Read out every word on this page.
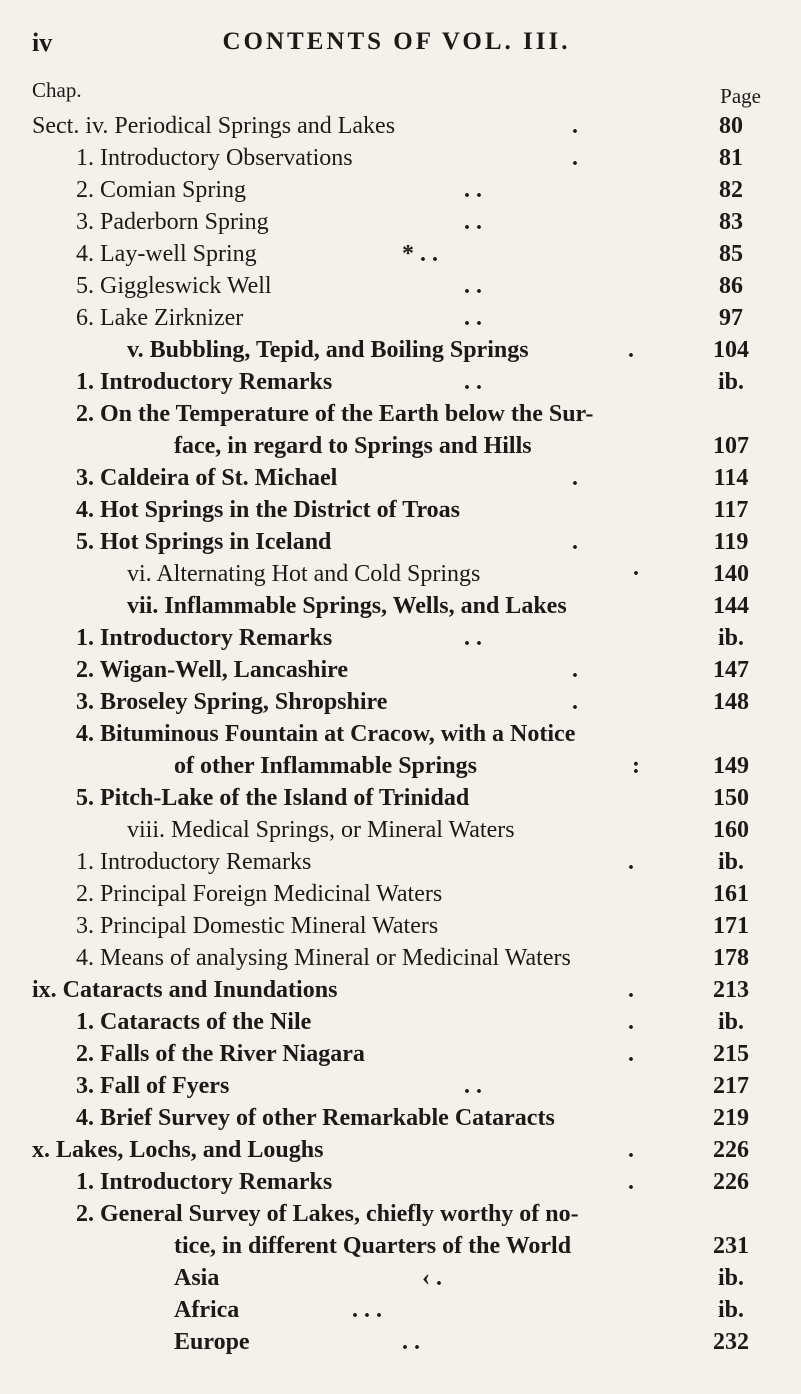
iv	CONTENTS OF VOL. III.
Chap.	Page
Sect. iv. Periodical Springs and Lakes	.	80
1. Introductory Observations	.	81
2. Comian Spring	. .	82
3. Paderborn Spring	. .	83
4. Lay-well Spring	* . .	85
5. Giggleswick Well	. .	86
6. Lake Zirknizer	. .	97
v. Bubbling, Tepid, and Boiling Springs	.	104
1. Introductory Remarks	. .	ib.
2. On the Temperature of the Earth below the Sur-
face, in regard to Springs and Hills	107
3. Caldeira of St. Michael	.	114
4. Hot Springs in the District of Troas	117
5. Hot Springs in Iceland	.	119
vi. Alternating Hot and Cold Springs	·	140
vii. Inflammable Springs, Wells, and Lakes	144
1. Introductory Remarks	. .	ib.
2. Wigan-Well, Lancashire	.	147
3. Broseley Spring, Shropshire	.	148
4. Bituminous Fountain at Cracow, with a Notice
of other Inflammable Springs	:	149
5. Pitch-Lake of the Island of Trinidad	150
viii. Medical Springs, or Mineral Waters	160
1. Introductory Remarks	.	ib.
2. Principal Foreign Medicinal Waters	161
3. Principal Domestic Mineral Waters	171
4. Means of analysing Mineral or Medicinal Waters	178
ix. Cataracts and Inundations	.	213
1. Cataracts of the Nile	.	ib.
2. Falls of the River Niagara	.	215
3. Fall of Fyers	. .	217
4. Brief Survey of other Remarkable Cataracts	219
x. Lakes, Lochs, and Loughs	.	226
1. Introductory Remarks	.	226
2. General Survey of Lakes, chiefly worthy of no-
tice, in different Quarters of the World	231
Asia	‹ .	ib.
Africa	. . .	ib.
Europe	. .	232
